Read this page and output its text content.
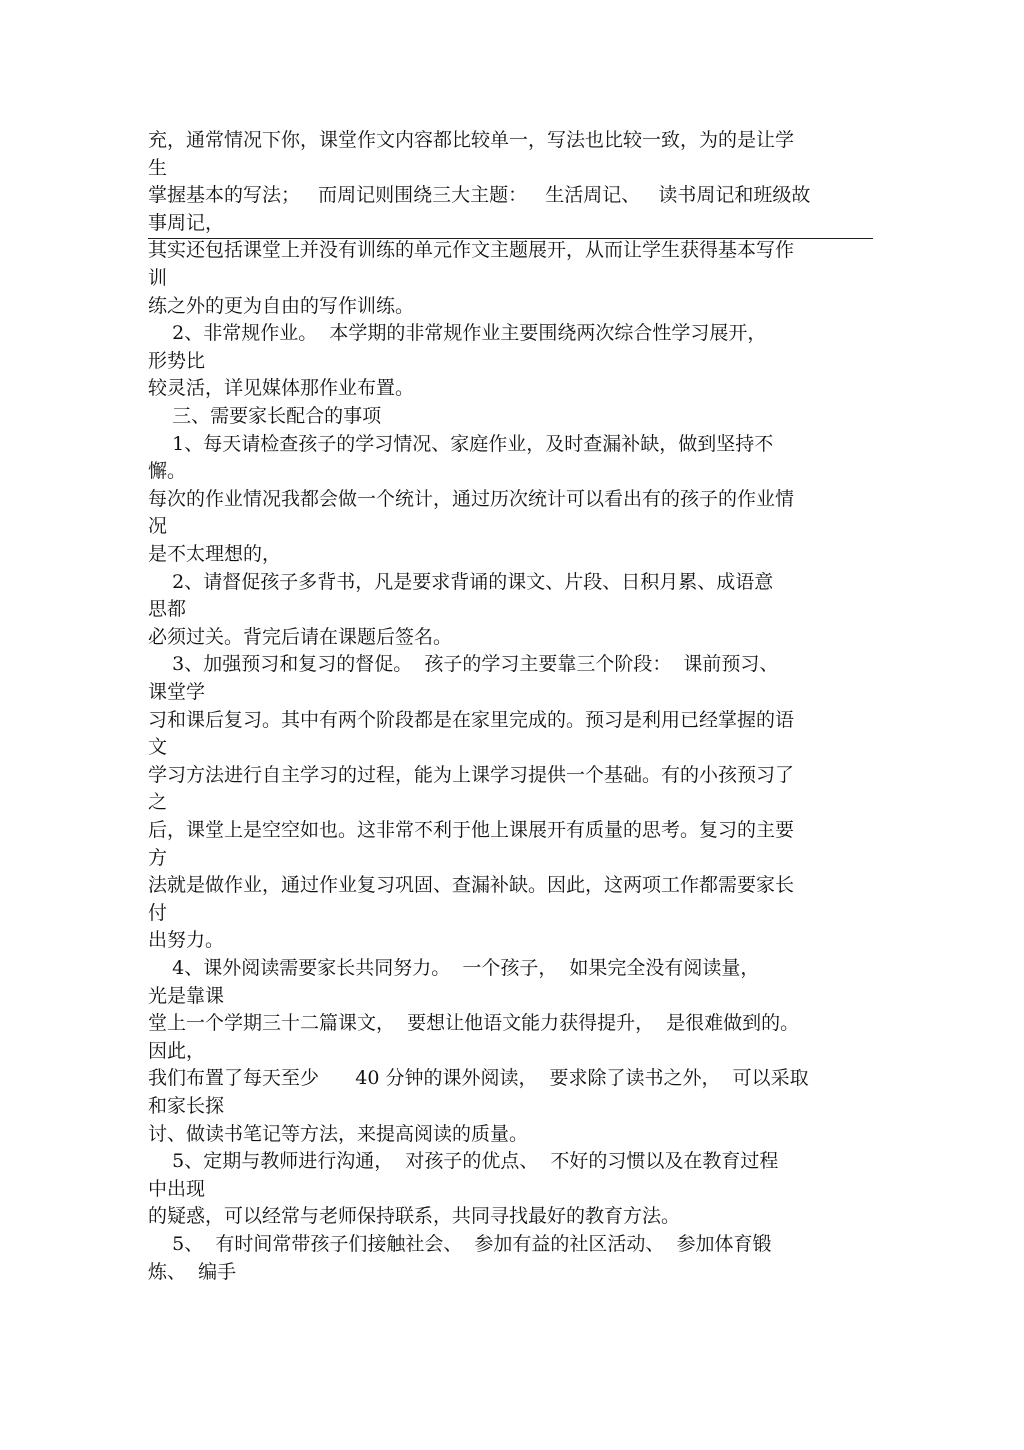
充，通常情况下你，课堂作文内容都比较单一，写法也比较一致，为的是让学
生
掌握基本的写法；   而周记则围绕三大主题：   生活周记、   读书周记和班级故
事周记，
其实还包括课堂上并没有训练的单元作文主题展开，从而让学生获得基本写作
训
练之外的更为自由的写作训练。
2、非常规作业。  本学期的非常规作业主要围绕两次综合性学习展开，
形势比
较灵活，详见媒体那作业布置。
三、需要家长配合的事项
1、每天请检查孩子的学习情况、家庭作业，及时查漏补缺，做到坚持不
懈。
每次的作业情况我都会做一个统计，通过历次统计可以看出有的孩子的作业情
况
是不太理想的，
2、请督促孩子多背书，凡是要求背诵的课文、片段、日积月累、成语意
思都
必须过关。背完后请在课题后签名。
3、加强预习和复习的督促。  孩子的学习主要靠三个阶段：  课前预习、
课堂学
习和课后复习。其中有两个阶段都是在家里完成的。预习是利用已经掌握的语
文
学习方法进行自主学习的过程，能为上课学习提供一个基础。有的小孩预习了
之
后，课堂上是空空如也。这非常不利于他上课展开有质量的思考。复习的主要
方
法就是做作业，通过作业复习巩固、查漏补缺。因此，这两项工作都需要家长
付
出努力。
4、课外阅读需要家长共同努力。  一个孩子，  如果完全没有阅读量，
光是靠课
堂上一个学期三十二篇课文，  要想让他语文能力获得提升，  是很难做到的。
因此，
我们布置了每天至少      40 分钟的课外阅读，  要求除了读书之外，  可以采取
和家长探
讨、做读书笔记等方法，来提高阅读的质量。
5、定期与教师进行沟通，  对孩子的优点、  不好的习惯以及在教育过程
中出现
的疑惑，可以经常与老师保持联系，共同寻找最好的教育方法。
5、  有时间常带孩子们接触社会、  参加有益的社区活动、  参加体育锻
炼、  编手
